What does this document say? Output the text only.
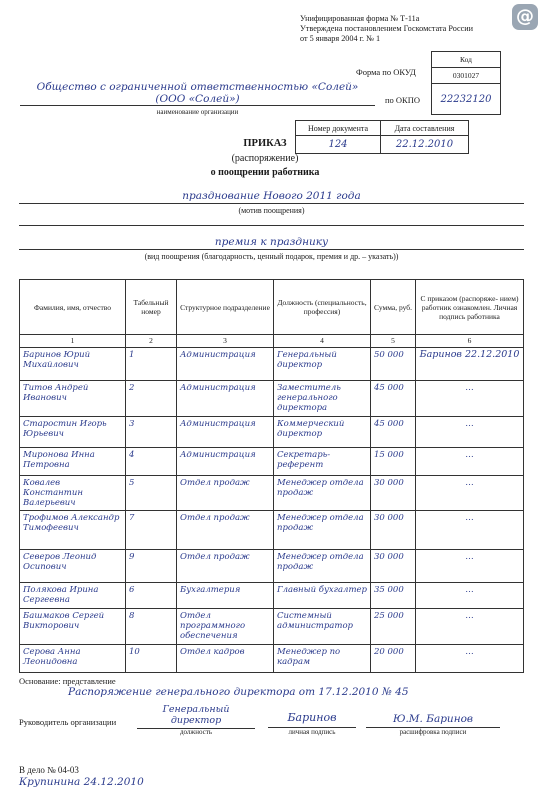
@
Унифицированная форма № Т-11а
Утверждена постановлением Госкомстата России
от 5 января 2004 г. № 1
Код
0301027
22232120
Форма по ОКУД
по ОКПО
Общество с ограниченной ответственностью «Солей»
(ООО «Солей»)
наименование организации
Номер документа	Дата составления
124	22.12.2010
ПРИКАЗ
(распоряжение)
о поощрении работника
празднование Нового 2011 года
(мотив поощрения)
премия к празднику
(вид поощрения (благодарность, ценный подарок, премия и др. – указать))
Фамилия, имя, отчество	Табельный номер	Структурное подразделение	Должность (специальность, профессия)	Сумма, руб.	С приказом (распоряже- нием) работник ознакомлен. Личная подпись работника
1	2	3	4	5	6
Баринов Юрий Михайлович	1	Администрация	Генеральный директор	50 000	Баринов 22.12.2010
Титов Андрей Иванович	2	Администрация	Заместитель генерального директора	45 000	…
Старостин Игорь Юрьевич	3	Администрация	Коммерческий директор	45 000	…
Миронова Инна Петровна	4	Администрация	Секретарь-референт	15 000	…
Ковалев Константин Валерьевич	5	Отдел продаж	Менеджер отдела продаж	30 000	…
Трофимов Александр Тимофеевич	7	Отдел продаж	Менеджер отдела продаж	30 000	…
Северов Леонид Осипович	9	Отдел продаж	Менеджер отдела продаж	30 000	…
Полякова Ирина Сергеевна	6	Бухгалтерия	Главный бухгалтер	35 000	…
Башмаков Сергей Викторович	8	Отдел программного обеспечения	Системный администратор	25 000	…
Серова Анна Леонидовна	10	Отдел кадров	Менеджер по кадрам	20 000	…
Основание: представление
Распоряжение генерального директора от 17.12.2010 № 45
Руководитель организации
Генеральный директор
должность
Баринов
личная подпись
Ю.М. Баринов
расшифровка подписи
В дело № 04-03
Крупинина 24.12.2010
